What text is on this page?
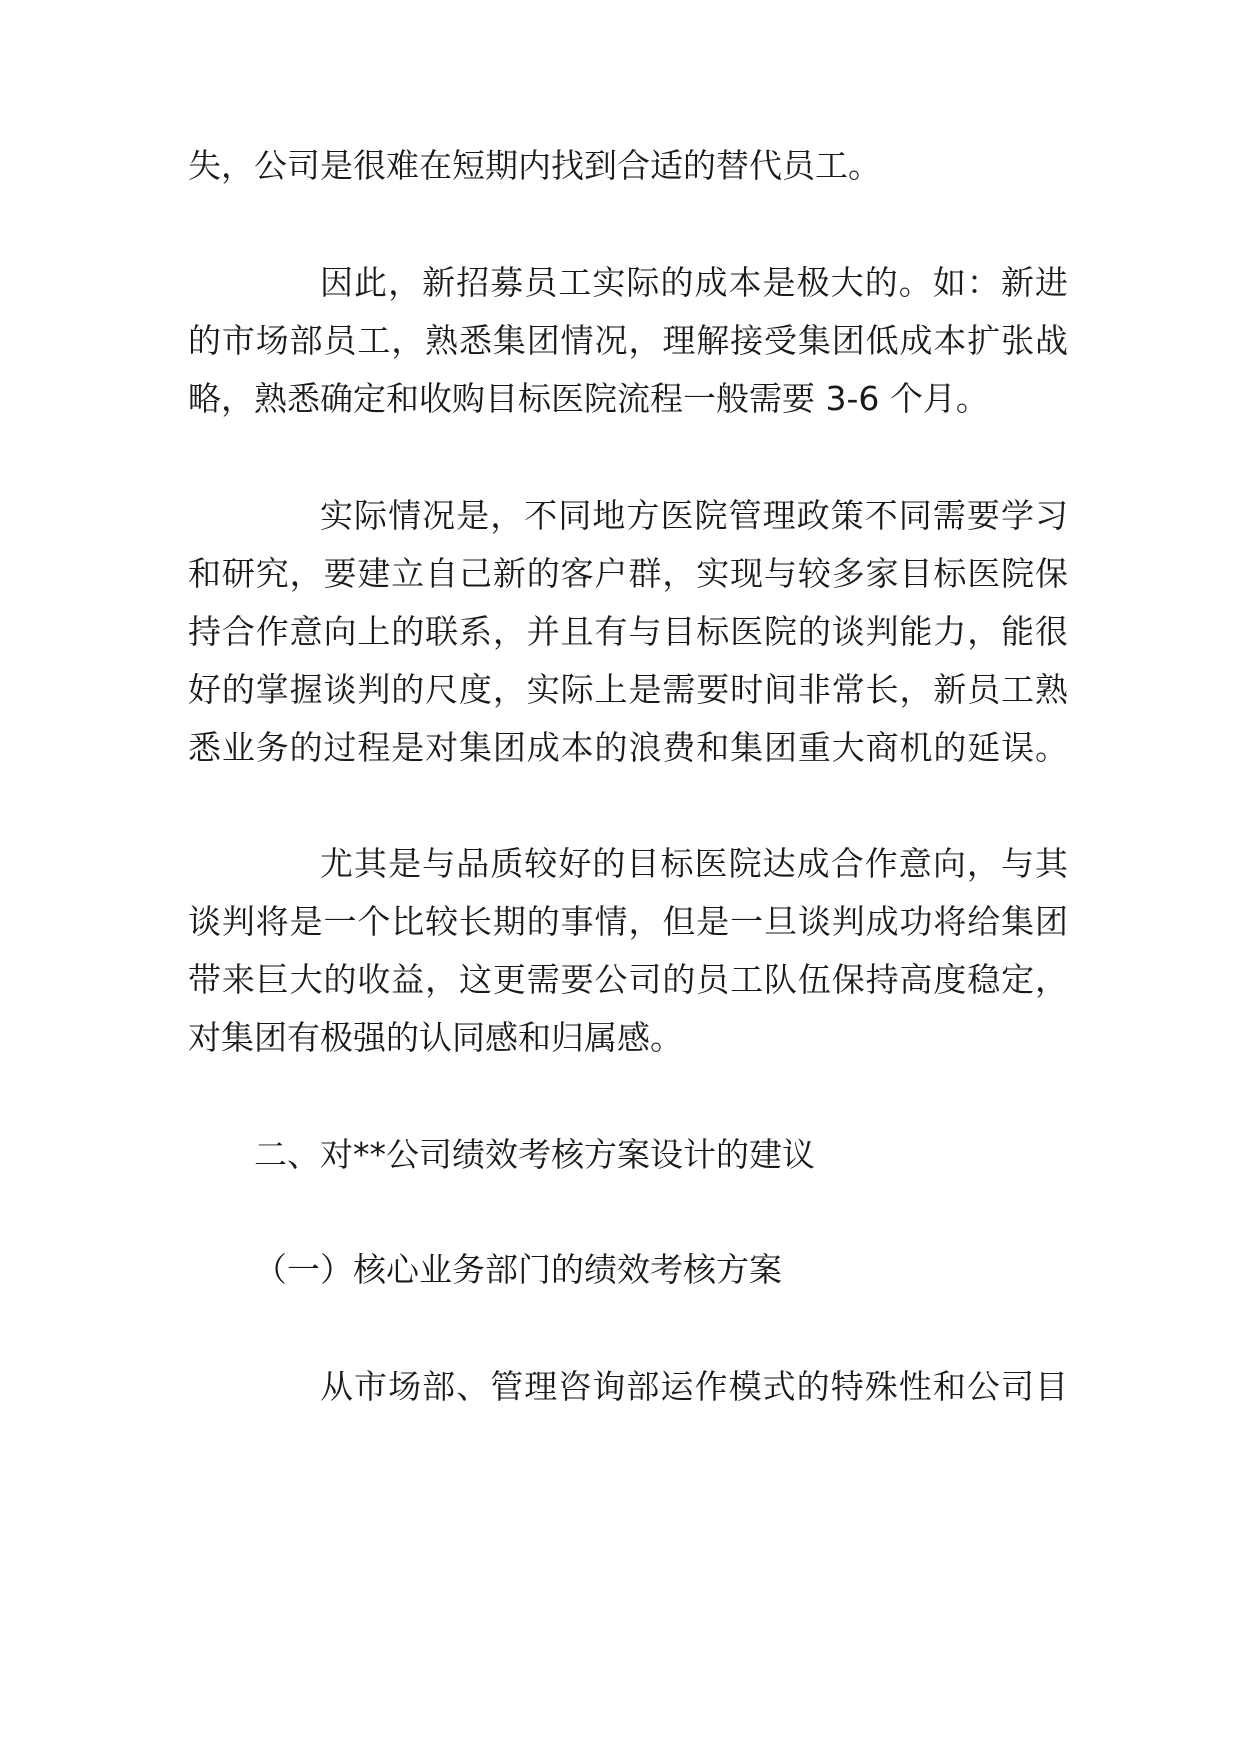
失，公司是很难在短期内找到合适的替代员工。
因此，新招募员工实际的成本是极大的。如：新进
的市场部员工，熟悉集团情况，理解接受集团低成本扩张战
略，熟悉确定和收购目标医院流程一般需要 3-6 个月。
实际情况是，不同地方医院管理政策不同需要学习
和研究，要建立自己新的客户群，实现与较多家目标医院保
持合作意向上的联系，并且有与目标医院的谈判能力，能很
好的掌握谈判的尺度，实际上是需要时间非常长，新员工熟
悉业务的过程是对集团成本的浪费和集团重大商机的延误。
尤其是与品质较好的目标医院达成合作意向，与其
谈判将是一个比较长期的事情，但是一旦谈判成功将给集团
带来巨大的收益，这更需要公司的员工队伍保持高度稳定，
对集团有极强的认同感和归属感。
二、对**公司绩效考核方案设计的建议
（一）核心业务部门的绩效考核方案
从市场部、管理咨询部运作模式的特殊性和公司目
